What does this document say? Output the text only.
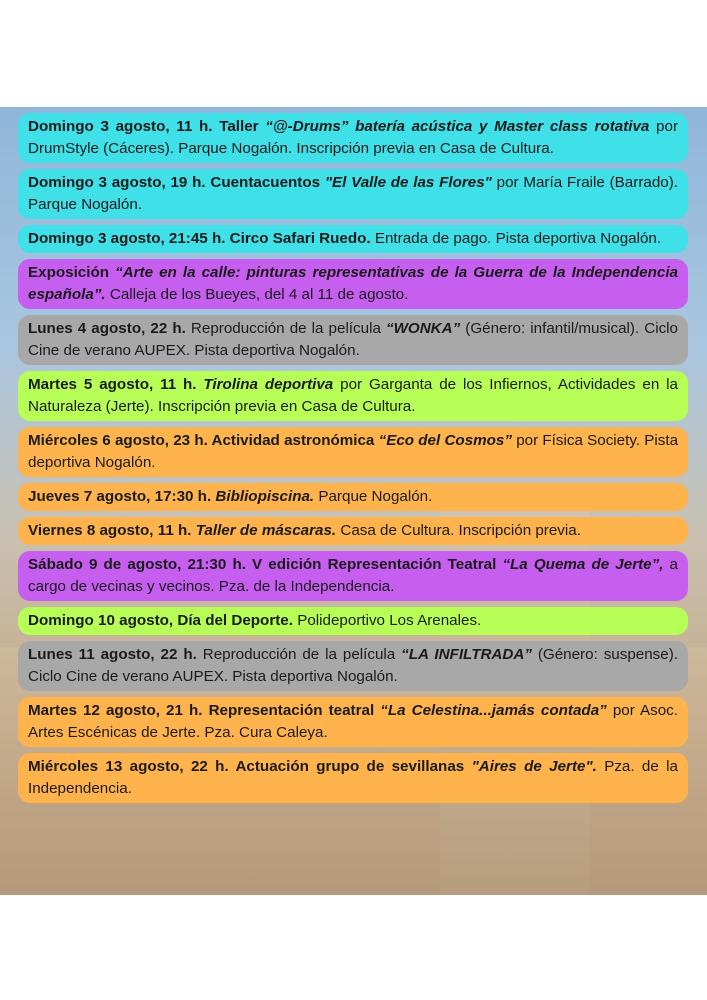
Domingo 3 agosto, 11 h. Taller “@-Drums” batería acústica y Master class rotativa por DrumStyle (Cáceres). Parque Nogalón. Inscripción previa en Casa de Cultura.
Domingo 3 agosto, 19 h. Cuentacuentos "El Valle de las Flores" por María Fraile (Barrado). Parque Nogalón.
Domingo 3 agosto, 21:45 h. Circo Safari Ruedo. Entrada de pago. Pista deportiva Nogalón.
Exposición “Arte en la calle: pinturas representativas de la Guerra de la Independencia española”. Calleja de los Bueyes, del 4 al 11 de agosto.
Lunes 4 agosto, 22 h. Reproducción de la película “WONKA” (Género: infantil/musical). Ciclo Cine de verano AUPEX. Pista deportiva Nogalón.
Martes 5 agosto, 11 h. Tirolina deportiva por Garganta de los Infiernos, Actividades en la Naturaleza (Jerte). Inscripción previa en Casa de Cultura.
Miércoles 6 agosto, 23 h. Actividad astronómica “Eco del Cosmos” por Física Society. Pista deportiva Nogalón.
Jueves 7 agosto, 17:30 h. Bibliopiscina. Parque Nogalón.
Viernes 8 agosto, 11 h. Taller de máscaras. Casa de Cultura. Inscripción previa.
Sábado 9 de agosto, 21:30 h. V edición Representación Teatral “La Quema de Jerte”, a cargo de vecinas y vecinos. Pza. de la Independencia.
Domingo 10 agosto, Día del Deporte. Polideportivo Los Arenales.
Lunes 11 agosto, 22 h. Reproducción de la película “LA INFILTRADA” (Género: suspense). Ciclo Cine de verano AUPEX. Pista deportiva Nogalón.
Martes 12 agosto, 21 h. Representación teatral “La Celestina...jamás contada” por Asoc. Artes Escénicas de Jerte. Pza. Cura Caleya.
Miércoles 13 agosto, 22 h. Actuación grupo de sevillanas "Aires de Jerte". Pza. de la Independencia.
